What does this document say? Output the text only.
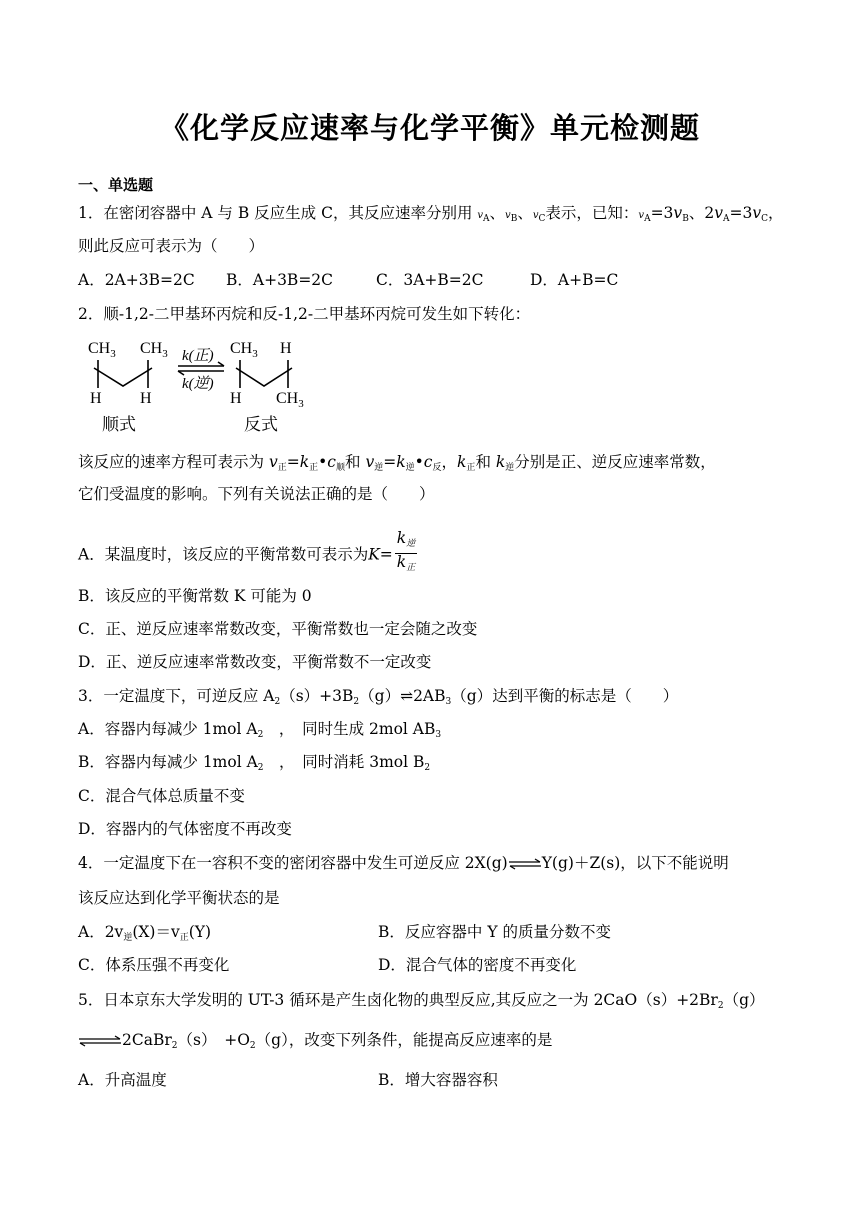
《化学反应速率与化学平衡》单元检测题
一、单选题
1．在密闭容器中 A 与 B 反应生成 C，其反应速率分别用 $v_A$、$v_B$、$v_C$表示，已知：$v_A=3v_B$、$2v_A=3v_C$，
则此反应可表示为（　　）
A．2A+3B=2C B．A+3B=2C	C．3A+B=2C	D．A+B=C
2．顺-1,2-二甲基环丙烷和反-1,2-二甲基环丙烷可发生如下转化：
$CH_3$ $CH_3$
H H
顺式
$CH_3$ H
H $CH_3$
反式
k(正)
k(逆)
该反应的速率方程可表示为 $v_正=k_正•c_顺$和 $v_逆=k_逆•c_反$，$k_正$和 $k_逆$分别是正、逆反应速率常数，
它们受温度的影响。下列有关说法正确的是（　　）
A．某温度时，该反应的平衡常数可表示为$K= \frac{k_逆}{k_正}$
B．该反应的平衡常数 K 可能为 0
C．正、逆反应速率常数改变，平衡常数也一定会随之改变
D．正、逆反应速率常数改变，平衡常数不一定改变
3．一定温度下，可逆反应 $A_2(s)+3B_2(g)\rightleftharpoons 2AB_3(g)$达到平衡的标志是（　　）
A．容器内每减少 1mol $A_2$　，　同时生成 2mol $AB_3$
B．容器内每减少 1mol $A_2$　，　同时消耗 3mol $B_2$
C．混合气体总质量不变
D．容器内的气体密度不再改变
4．一定温度下在一容积不变的密闭容器中发生可逆反应 2X(g)⇌Y(g)＋Z(s)，以下不能说明
该反应达到化学平衡状态的是
A．$2v_逆(X)=v_正(Y)$	B．反应容器中 Y 的质量分数不变
C．体系压强不再变化	D．混合气体的密度不再变化
5．日本京东大学发明的 UT-3 循环是产生卤化物的典型反应,其反应之一为 $2CaO(s)+2Br_2(g)$
⇌2CaBr$_2$（s）　$+O_2(g)$，改变下列条件，能提高反应速率的是
A．升高温度	B．增大容器容积
